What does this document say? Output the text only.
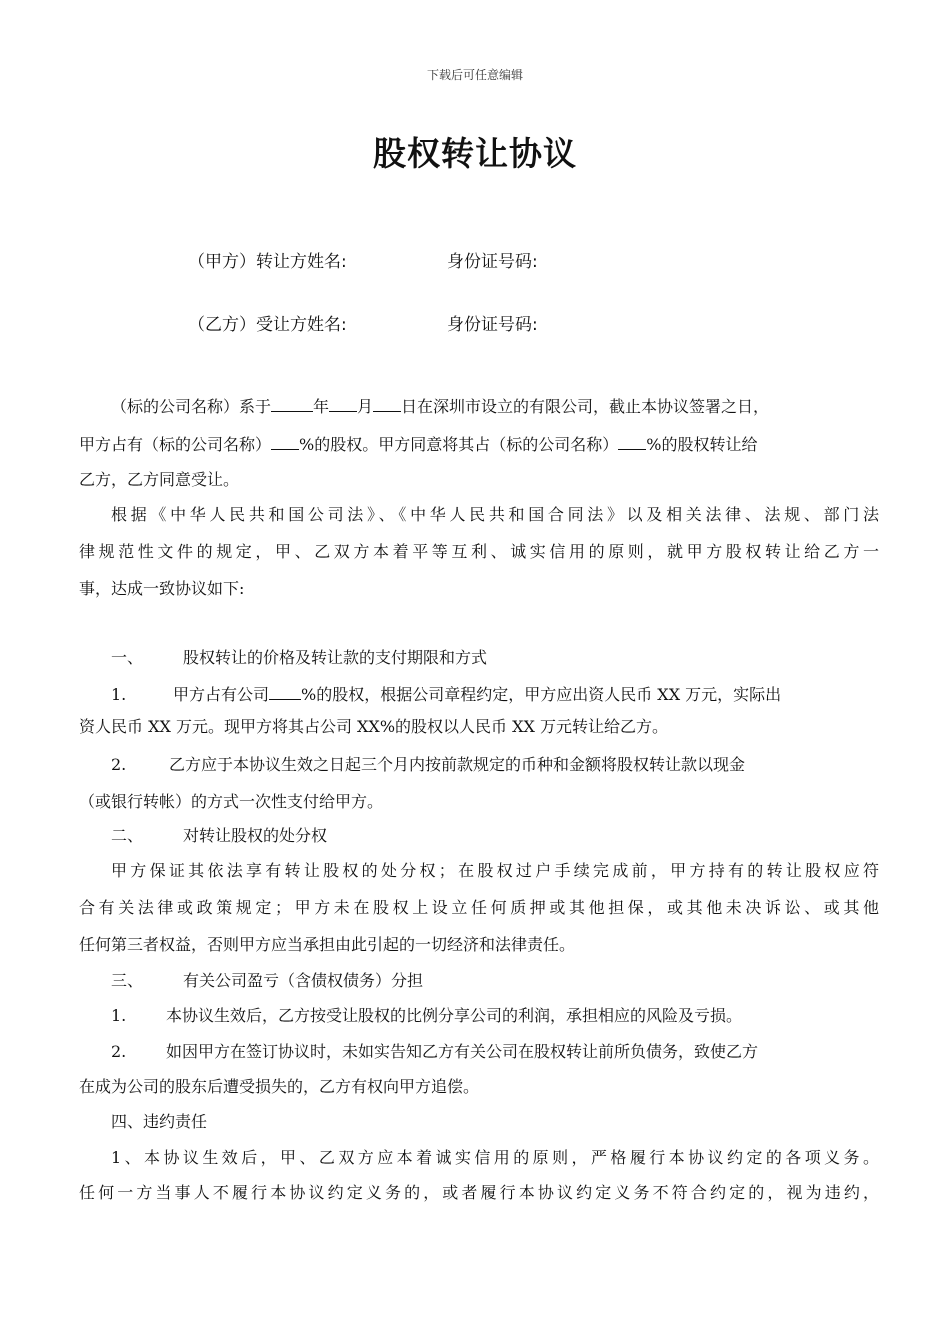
下载后可任意编辑
股权转让协议
（甲方）转让方姓名:	身份证号码:
（乙方）受让方姓名:	身份证号码:
（标的公司名称）系于	年 月 日在深圳市设立的有限公司，截止本协议签署之日，
甲方占有（标的公司名称） %的股权。甲方同意将其占（标的公司名称） %的股权转让给
乙方，乙方同意受让。
根据《中华人民共和国公司法》、《中华人民共和国合同法》以及相关法律、法规、部门法
律规范性文件的规定，甲、乙双方本着平等互利、诚实信用的原则，就甲方股权转让给乙方一
事，达成一致协议如下:
一、 股权转让的价格及转让款的支付期限和方式
1.	甲方占有公司 %的股权，根据公司章程约定，甲方应出资人民币 XX 万元，实际出
资人民币 XX 万元。现甲方将其占公司 XX%的股权以人民币 XX 万元转让给乙方。
2.	乙方应于本协议生效之日起三个月内按前款规定的币种和金额将股权转让款以现金
（或银行转帐）的方式一次性支付给甲方。
二、 对转让股权的处分权
甲方保证其依法享有转让股权的处分权；在股权过户手续完成前，甲方持有的转让股权应符
合有关法律或政策规定；甲方未在股权上设立任何质押或其他担保，或其他未决诉讼、或其他
任何第三者权益，否则甲方应当承担由此引起的一切经济和法律责任。
三、 有关公司盈亏（含债权债务）分担
1. 本协议生效后，乙方按受让股权的比例分享公司的利润，承担相应的风险及亏损。
2. 如因甲方在签订协议时，未如实告知乙方有关公司在股权转让前所负债务，致使乙方
在成为公司的股东后遭受损失的，乙方有权向甲方追偿。
四、违约责任
1、本协议生效后，甲、乙双方应本着诚实信用的原则，严格履行本协议约定的各项义务。
任何一方当事人不履行本协议约定义务的，或者履行本协议约定义务不符合约定的，视为违约，
